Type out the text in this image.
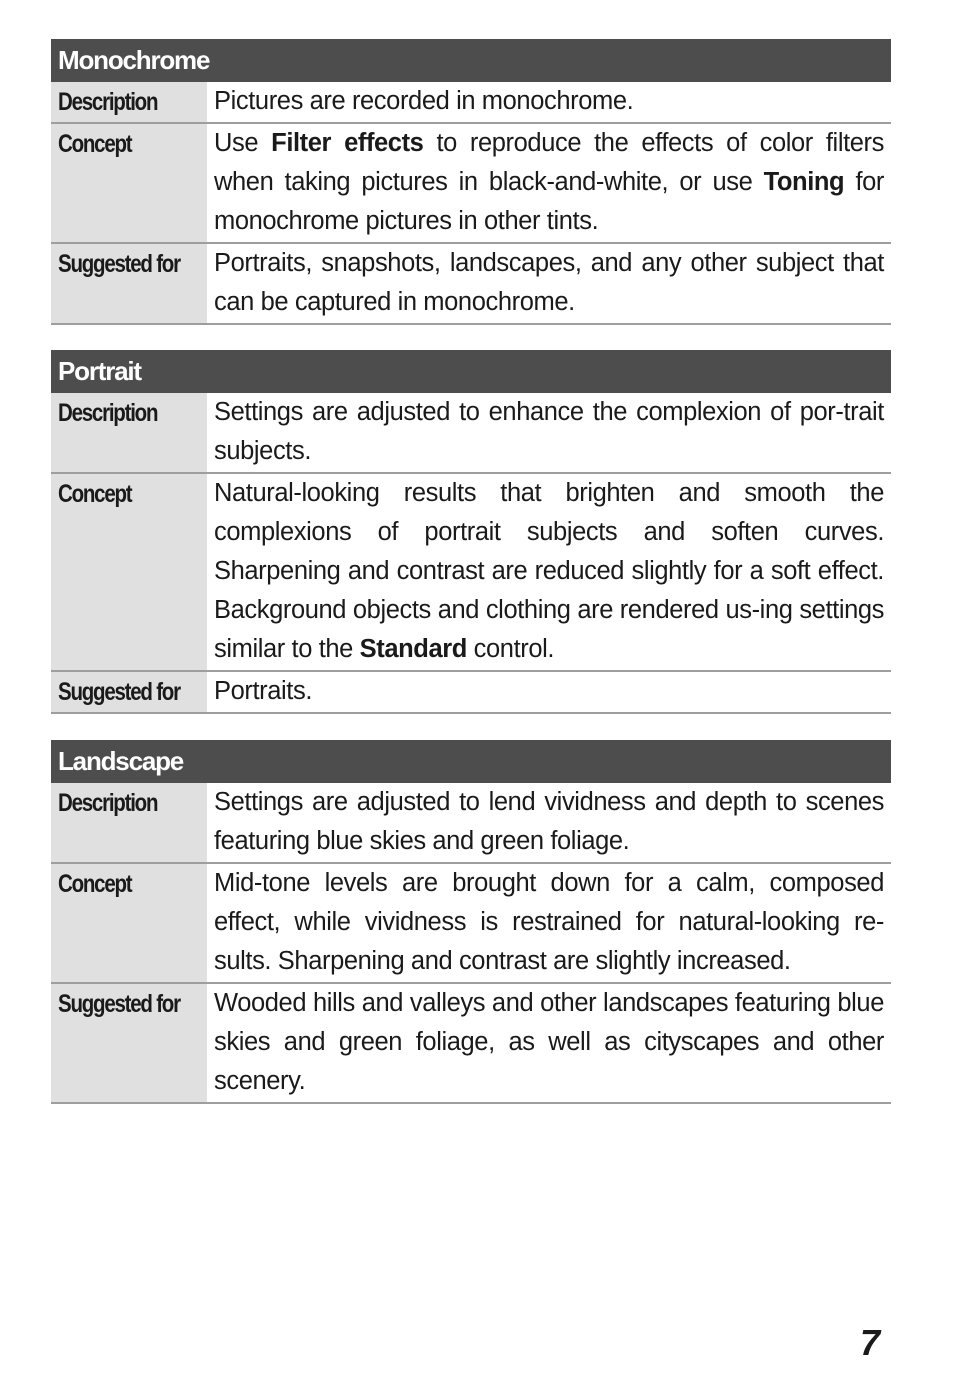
Monochrome
Description	Pictures are recorded in monochrome.
Concept	Use Filter effects to reproduce the effects of color filters when taking pictures in black-and-white, or use Toning for monochrome pictures in other tints.
Suggested for	Portraits, snapshots, landscapes, and any other subject that can be captured in monochrome.
Portrait
Description	Settings are adjusted to enhance the complexion of por-trait subjects.
Concept	Natural-looking results that brighten and smooth the complexions of portrait subjects and soften curves. Sharpening and contrast are reduced slightly for a soft effect. Background objects and clothing are rendered us-ing settings similar to the Standard control.
Suggested for	Portraits.
Landscape
Description	Settings are adjusted to lend vividness and depth to scenes featuring blue skies and green foliage.
Concept	Mid-tone levels are brought down for a calm, composed effect, while vividness is restrained for natural-looking re-sults. Sharpening and contrast are slightly increased.
Suggested for	Wooded hills and valleys and other landscapes featuring blue skies and green foliage, as well as cityscapes and other scenery.
7
